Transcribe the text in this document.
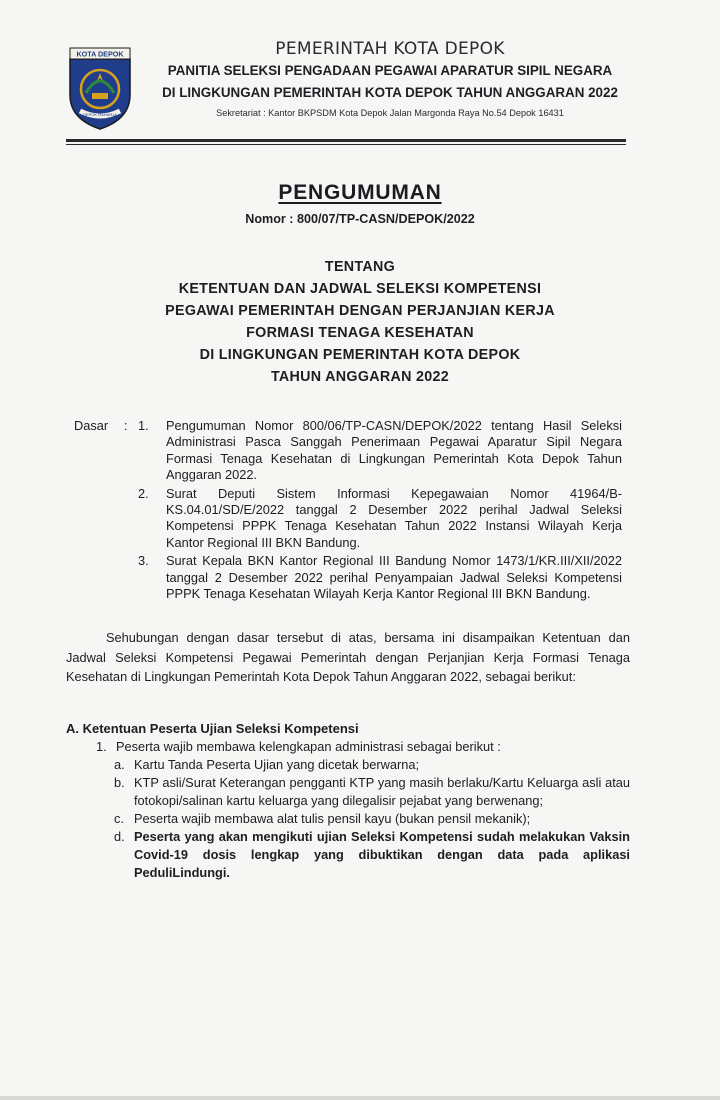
KOTA DEPOK
DEPOK RAHARJA

PEMERINTAH KOTA DEPOK

PANITIA SELEKSI PENGADAAN PEGAWAI APARATUR SIPIL NEGARA

DI LINGKUNGAN PEMERINTAH KOTA DEPOK TAHUN ANGGARAN 2022

Sekretariat : Kantor BKPSDM Kota Depok Jalan Margonda Raya No.54 Depok 16431

PENGUMUMAN

Nomor : 800/07/TP-CASN/DEPOK/2022

TENTANG

KETENTUAN DAN JADWAL SELEKSI KOMPETENSI

PEGAWAI PEMERINTAH DENGAN PERJANJIAN KERJA

FORMASI TENAGA KESEHATAN

DI LINGKUNGAN PEMERINTAH KOTA DEPOK

TAHUN ANGGARAN 2022

Dasar : 1.	Pengumuman Nomor 800/06/TP-CASN/DEPOK/2022 tentang Hasil Seleksi Administrasi Pasca Sanggah Penerimaan Pegawai Aparatur Sipil Negara Formasi Tenaga Kesehatan di Lingkungan Pemerintah Kota Depok Tahun Anggaran 2022.
2.	Surat Deputi Sistem Informasi Kepegawaian Nomor 41964/B-KS.04.01/SD/E/2022 tanggal 2 Desember 2022 perihal Jadwal Seleksi Kompetensi PPPK Tenaga Kesehatan Tahun 2022 Instansi Wilayah Kerja Kantor Regional III BKN Bandung.
3.	Surat Kepala BKN Kantor Regional III Bandung Nomor 1473/1/KR.III/XII/2022 tanggal 2 Desember 2022 perihal Penyampaian Jadwal Seleksi Kompetensi PPPK Tenaga Kesehatan Wilayah Kerja Kantor Regional III BKN Bandung.

Sehubungan dengan dasar tersebut di atas, bersama ini disampaikan Ketentuan dan Jadwal Seleksi Kompetensi Pegawai Pemerintah dengan Perjanjian Kerja Formasi Tenaga Kesehatan di Lingkungan Pemerintah Kota Depok Tahun Anggaran 2022, sebagai berikut:

A. Ketentuan Peserta Ujian Seleksi Kompetensi
1. Peserta wajib membawa kelengkapan administrasi sebagai berikut :
a. Kartu Tanda Peserta Ujian yang dicetak berwarna;
b. KTP asli/Surat Keterangan pengganti KTP yang masih berlaku/Kartu Keluarga asli atau fotokopi/salinan kartu keluarga yang dilegalisir pejabat yang berwenang;
c. Peserta wajib membawa alat tulis pensil kayu (bukan pensil mekanik);
d. Peserta yang akan mengikuti ujian Seleksi Kompetensi sudah melakukan Vaksin Covid-19 dosis lengkap yang dibuktikan dengan data pada aplikasi PeduliLindungi.
